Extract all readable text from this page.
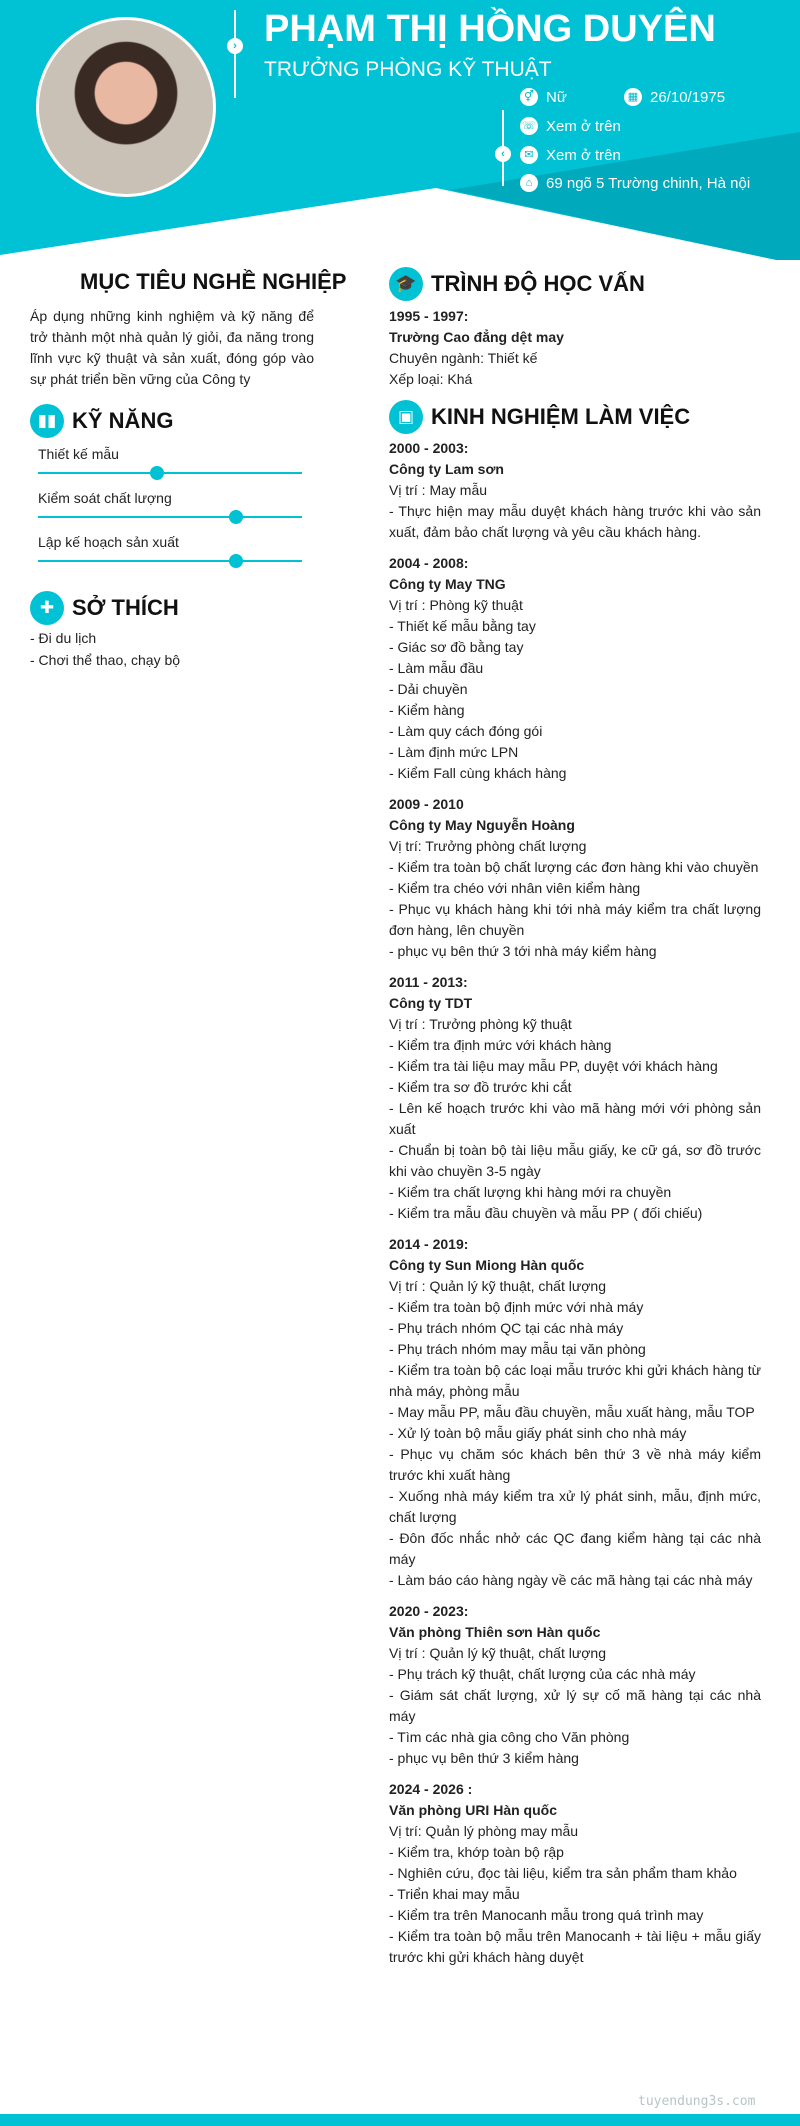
›
‹
PHẠM THỊ HỒNG DUYÊN
TRƯỞNG PHÒNG KỸ THUẬT
⚥ Nữ	▦ 26/10/1975
☏ Xem ở trên
✉ Xem ở trên
⌂ 69 ngõ 5 Trường chinh, Hà nội
MỤC TIÊU NGHỀ NGHIỆP
Áp dụng những kinh nghiệm và kỹ năng để trở thành một nhà quản lý giỏi, đa năng trong lĩnh vực kỹ thuật và sản xuất, đóng góp vào sự phát triển bền vững của Công ty
▮▮ KỸ NĂNG
Thiết kế mẫu
Kiểm soát chất lượng
Lập kế hoạch sản xuất
✚ SỞ THÍCH
- Đi du lịch
- Chơi thể thao, chạy bộ
🎓 TRÌNH ĐỘ HỌC VẤN
1995 - 1997:
Trường Cao đẳng dệt may
Chuyên ngành: Thiết kế
Xếp loại: Khá
▣ KINH NGHIỆM LÀM VIỆC
2000 - 2003:
Công ty Lam sơn
Vị trí : May mẫu
- Thực hiện may mẫu duyệt khách hàng trước khi vào sản xuất, đảm bảo chất lượng và yêu cầu khách hàng.
2004 - 2008:
Công ty May TNG
Vị trí : Phòng kỹ thuật
- Thiết kế mẫu bằng tay
- Giác sơ đồ bằng tay
- Làm mẫu đầu
- Dải chuyền
- Kiểm hàng
- Làm quy cách đóng gói
- Làm định mức LPN
- Kiểm Fall cùng khách hàng
2009 - 2010
Công ty May Nguyễn Hoàng
Vị trí: Trưởng phòng chất lượng
- Kiểm tra toàn bộ chất lượng các đơn hàng khi vào chuyền
- Kiểm tra chéo với nhân viên kiểm hàng
- Phục vụ khách hàng khi tới nhà máy kiểm tra chất lượng đơn hàng, lên chuyền
- phục vụ bên thứ 3 tới nhà máy kiểm hàng
2011 - 2013:
Công ty TDT
Vị trí : Trưởng phòng kỹ thuật
- Kiểm tra định mức với khách hàng
- Kiểm tra tài liệu may mẫu PP, duyệt với khách hàng
- Kiểm tra sơ đồ trước khi cắt
- Lên kế hoạch trước khi vào mã hàng mới với phòng sản xuất
- Chuẩn bị toàn bộ tài liệu mẫu giấy, ke cữ gá, sơ đồ trước khi vào chuyền 3-5 ngày
- Kiểm tra chất lượng khi hàng mới ra chuyền
- Kiểm tra mẫu đầu chuyền và mẫu PP ( đối chiếu)
2014 - 2019:
Công ty Sun Miong Hàn quốc
Vị trí : Quản lý kỹ thuật, chất lượng
- Kiểm tra toàn bộ định mức với nhà máy
- Phụ trách nhóm QC tại các nhà máy
- Phụ trách nhóm may mẫu tại văn phòng
- Kiểm tra toàn bộ các loại mẫu trước khi gửi khách hàng từ nhà máy, phòng mẫu
- May mẫu PP, mẫu đầu chuyền, mẫu xuất hàng, mẫu TOP
- Xử lý toàn bộ mẫu giấy phát sinh cho nhà máy
- Phục vụ chăm sóc khách bên thứ 3 về nhà máy kiểm trước khi xuất hàng
- Xuống nhà máy kiểm tra xử lý phát sinh, mẫu, định mức, chất lượng
- Đôn đốc nhắc nhở các QC đang kiểm hàng tại các nhà máy
- Làm báo cáo hàng ngày về các mã hàng tại các nhà máy
2020 - 2023:
Văn phòng Thiên sơn Hàn quốc
Vị trí : Quản lý kỹ thuật, chất lượng
- Phụ trách kỹ thuật, chất lượng của các nhà máy
- Giám sát chất lượng, xử lý sự cố mã hàng tại các nhà máy
- Tìm các nhà gia công cho Văn phòng
- phục vụ bên thứ 3 kiểm hàng
2024 - 2026 :
Văn phòng URI Hàn quốc
Vị trí: Quản lý phòng may mẫu
- Kiểm tra, khớp toàn bộ rập
- Nghiên cứu, đọc tài liệu, kiểm tra sản phẩm tham khảo
- Triển khai may mẫu
- Kiểm tra trên Manocanh mẫu trong quá trình may
- Kiểm tra toàn bộ mẫu trên Manocanh + tài liệu + mẫu giấy trước khi gửi khách hàng duyệt
tuyendung3s.com
